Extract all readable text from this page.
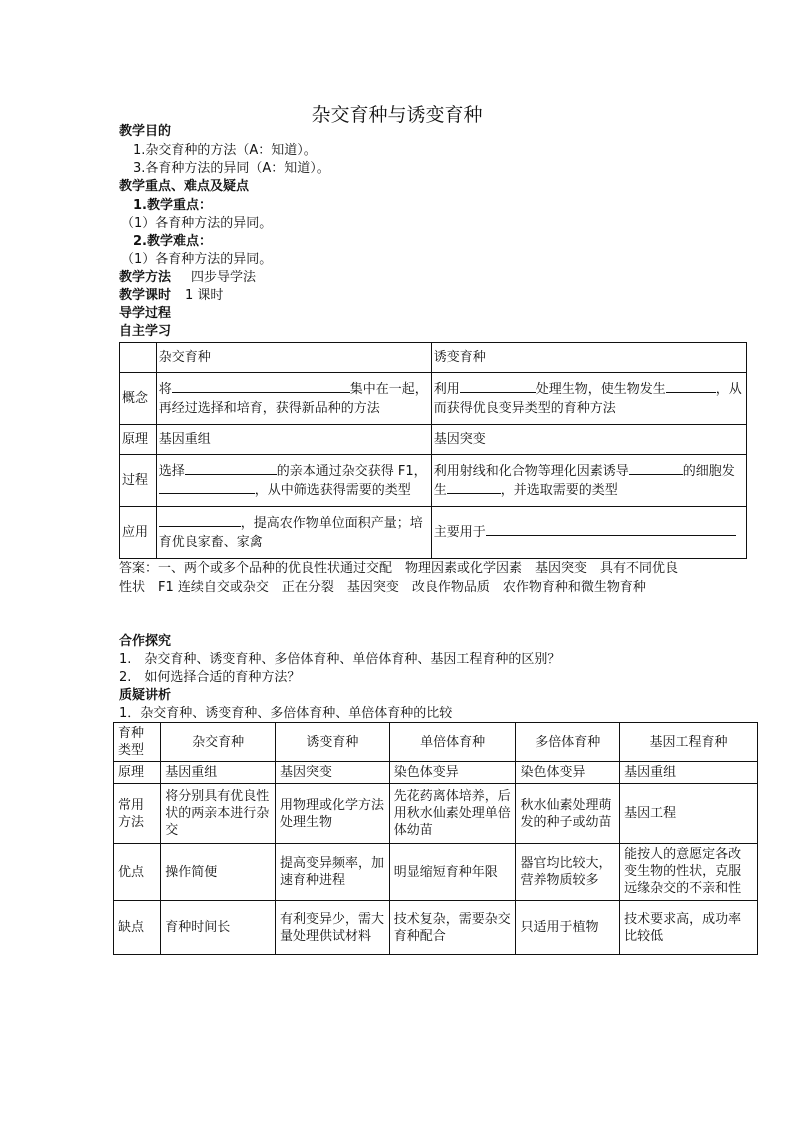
杂交育种与诱变育种
教学目的
1.杂交育种的方法（A：知道）。
3.各育种方法的异同（A：知道）。
教学重点、难点及疑点
1.教学重点：
（1）各育种方法的异同。
2.教学难点：
（1）各育种方法的异同。
教学方法 四步导学法
教学课时 1 课时
导学过程
自主学习
	杂交育种	诱变育种
概念	将 集中在一起，再经过选择和培育，获得新品种的方法	利用 处理生物，使生物发生 ，从而获得优良变异类型的育种方法
原理	基因重组	基因突变
过程	选择 的亲本通过杂交获得 F1，，从中筛选获得需要的类型	利用射线和化合物等理化因素诱导 的细胞发生 ，并选取需要的类型
应用	，提高农作物单位面积产量；培育优良家畜、家禽	主要用于
答案：一、两个或多个品种的优良性状通过交配　物理因素或化学因素　基因突变　具有不同优良性状　F1 连续自交或杂交　正在分裂　基因突变　改良作物品质　农作物育种和微生物育种
合作探究
1.　杂交育种、诱变育种、多倍体育种、单倍体育种、基因工程育种的区别？
2.　如何选择合适的育种方法？
质疑讲析
1．杂交育种、诱变育种、多倍体育种、单倍体育种的比较
育种类型	杂交育种	诱变育种	单倍体育种	多倍体育种	基因工程育种
原理	基因重组	基因突变	染色体变异	染色体变异	基因重组
常用方法	将分别具有优良性状的两亲本进行杂交	用物理或化学方法处理生物	先花药离体培养，后用秋水仙素处理单倍体幼苗	秋水仙素处理萌发的种子或幼苗	基因工程
优点	操作简便	提高变异频率，加速育种进程	明显缩短育种年限	器官均比较大，营养物质较多	能按人的意愿定各改变生物的性状，克服远缘杂交的不亲和性

缺点	育种时间长	有利变异少，需大量处理供试材料	技术复杂，需要杂交育种配合	只适用于植物	技术要求高，成功率比较低
